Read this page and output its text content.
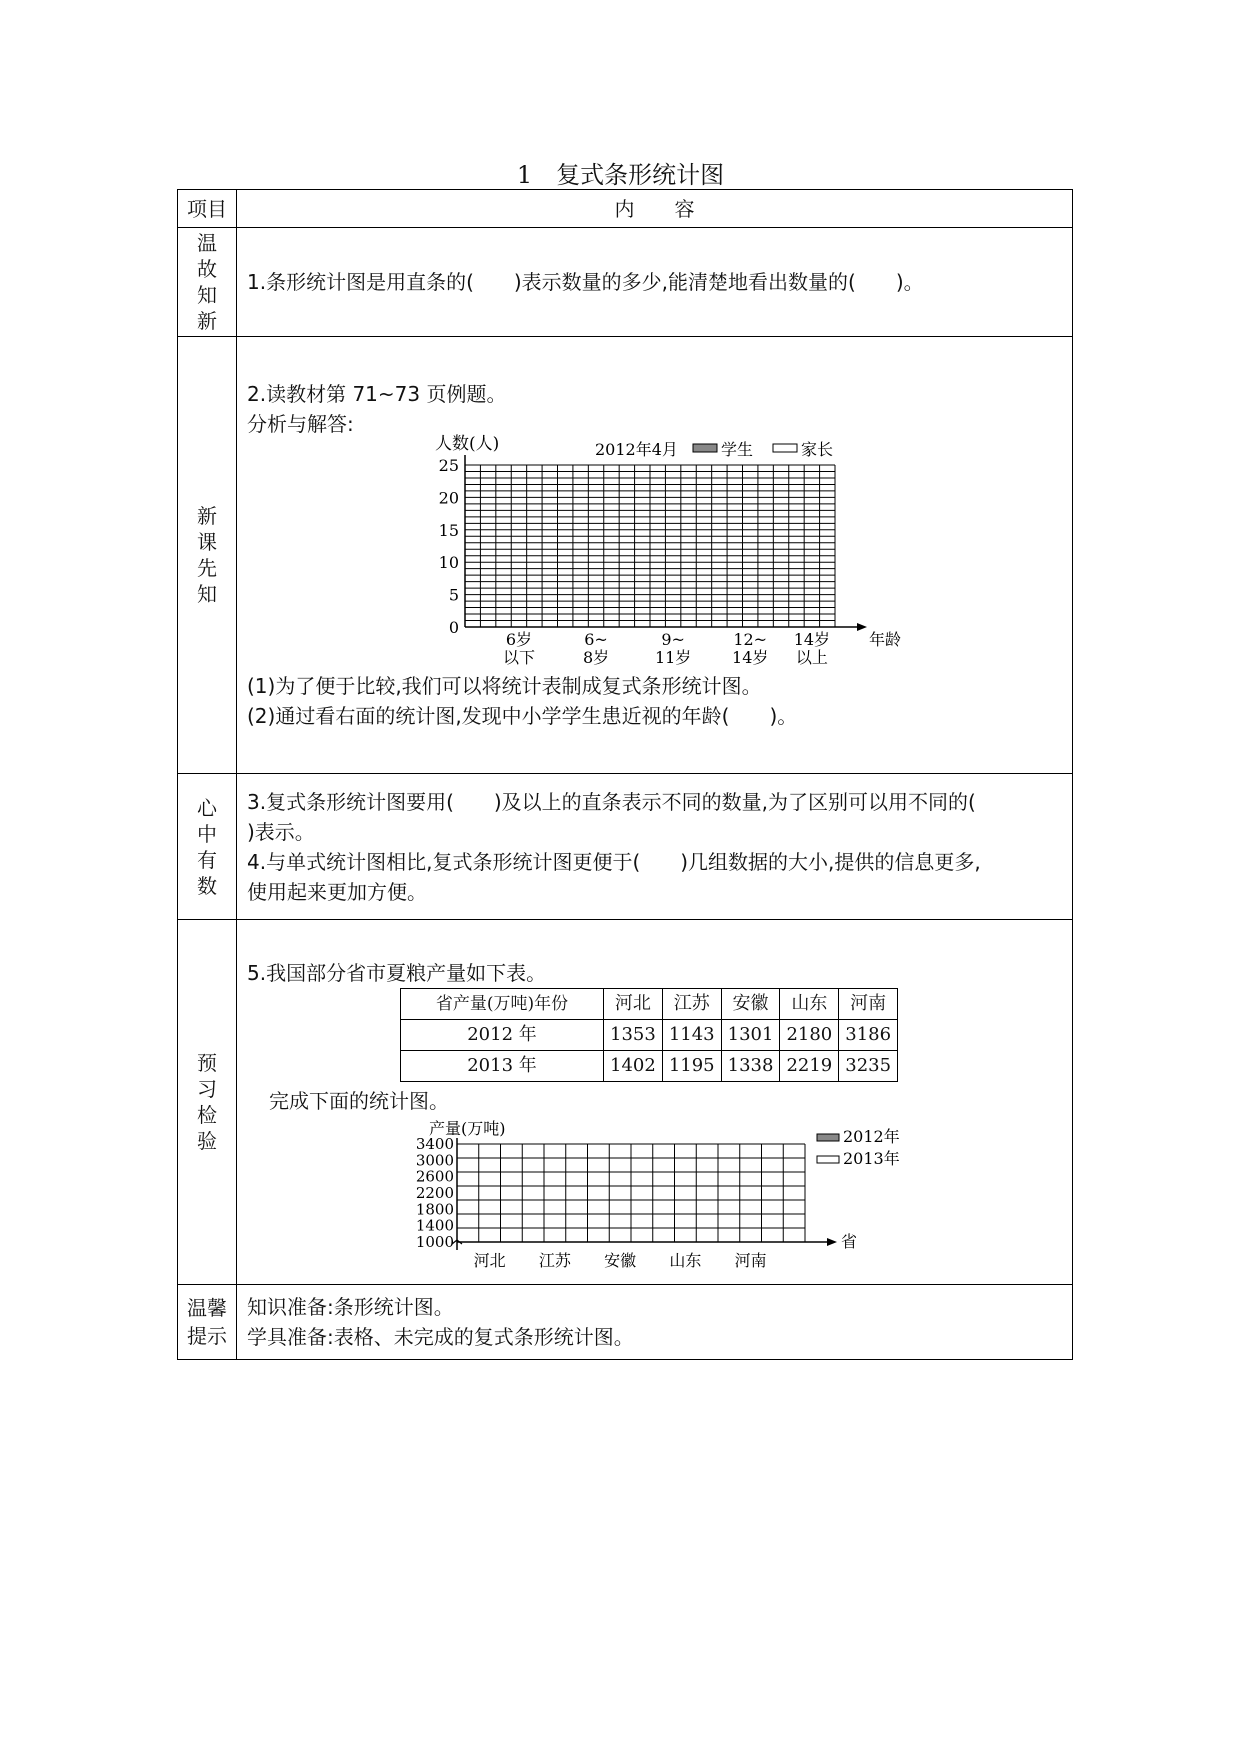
1　复式条形统计图
项目	内　　容

温
故
知
新

1.条形统计图是用直条的(　　)表示数量的多少,能清楚地看出数量的(　　)。

新
课
先
知

2.读教材第 71~73 页例题。
分析与解答:
0
5
10
15
20
25
人数(人)	2012年4月	学生	家长
6岁
以下
6~
8岁
9~
11岁
12~
14岁
14岁
以上
年龄
(1)为了便于比较,我们可以将统计表制成复式条形统计图。
(2)通过看右面的统计图,发现中小学学生患近视的年龄(　　)。

心
中
有
数

3.复式条形统计图要用(　　)及以上的直条表示不同的数量,为了区别可以用不同的(
)表示。
4.与单式统计图相比,复式条形统计图更便于(　　)几组数据的大小,提供的信息更多,
使用起来更加方便。

预
习
检
验

5.我国部分省市夏粮产量如下表。
省产量(万吨)年份	河北	江苏	安徽	山东	河南
2012 年	1353	1143	1301	2180	3186
2013 年	1402	1195	1338	2219	3235
完成下面的统计图。
1000
1400
1800
2200
2600
3000
3400
产量(万吨)	2012年
2013年
河北 江苏 安徽 山东 河南
省

温馨
提示

知识准备:条形统计图。
学具准备:表格、未完成的复式条形统计图。
